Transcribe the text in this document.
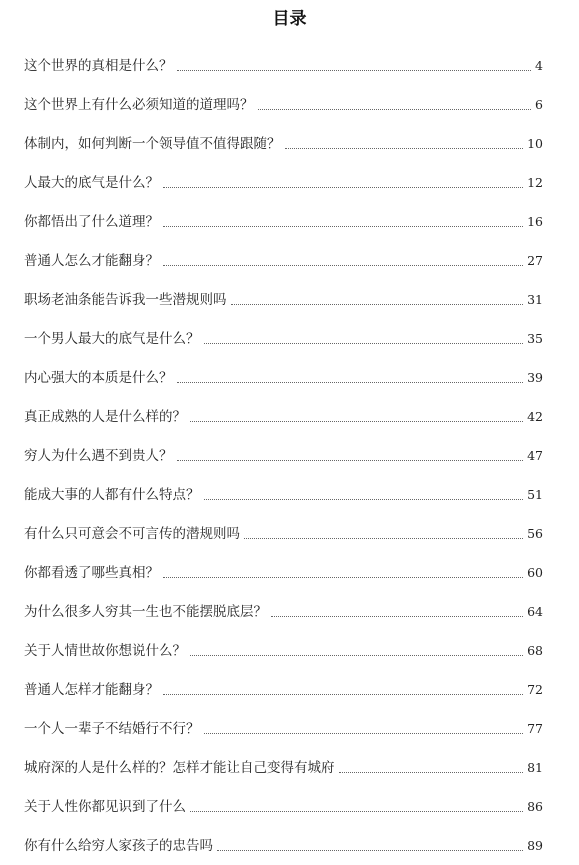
目录
这个世界的真相是什么？	4
这个世界上有什么必须知道的道理吗？	6
体制内，如何判断一个领导值不值得跟随？	10
人最大的底气是什么？	12
你都悟出了什么道理？	16
普通人怎么才能翻身？	27
职场老油条能告诉我一些潜规则吗	31
一个男人最大的底气是什么？	35
内心强大的本质是什么？	39
真正成熟的人是什么样的？	42
穷人为什么遇不到贵人？	47
能成大事的人都有什么特点？	51
有什么只可意会不可言传的潜规则吗	56
你都看透了哪些真相？	60
为什么很多人穷其一生也不能摆脱底层？	64
关于人情世故你想说什么？	68
普通人怎样才能翻身？	72
一个人一辈子不结婚行不行？	77
城府深的人是什么样的？怎样才能让自己变得有城府	81
关于人性你都见识到了什么	86
你有什么给穷人家孩子的忠告吗	89
